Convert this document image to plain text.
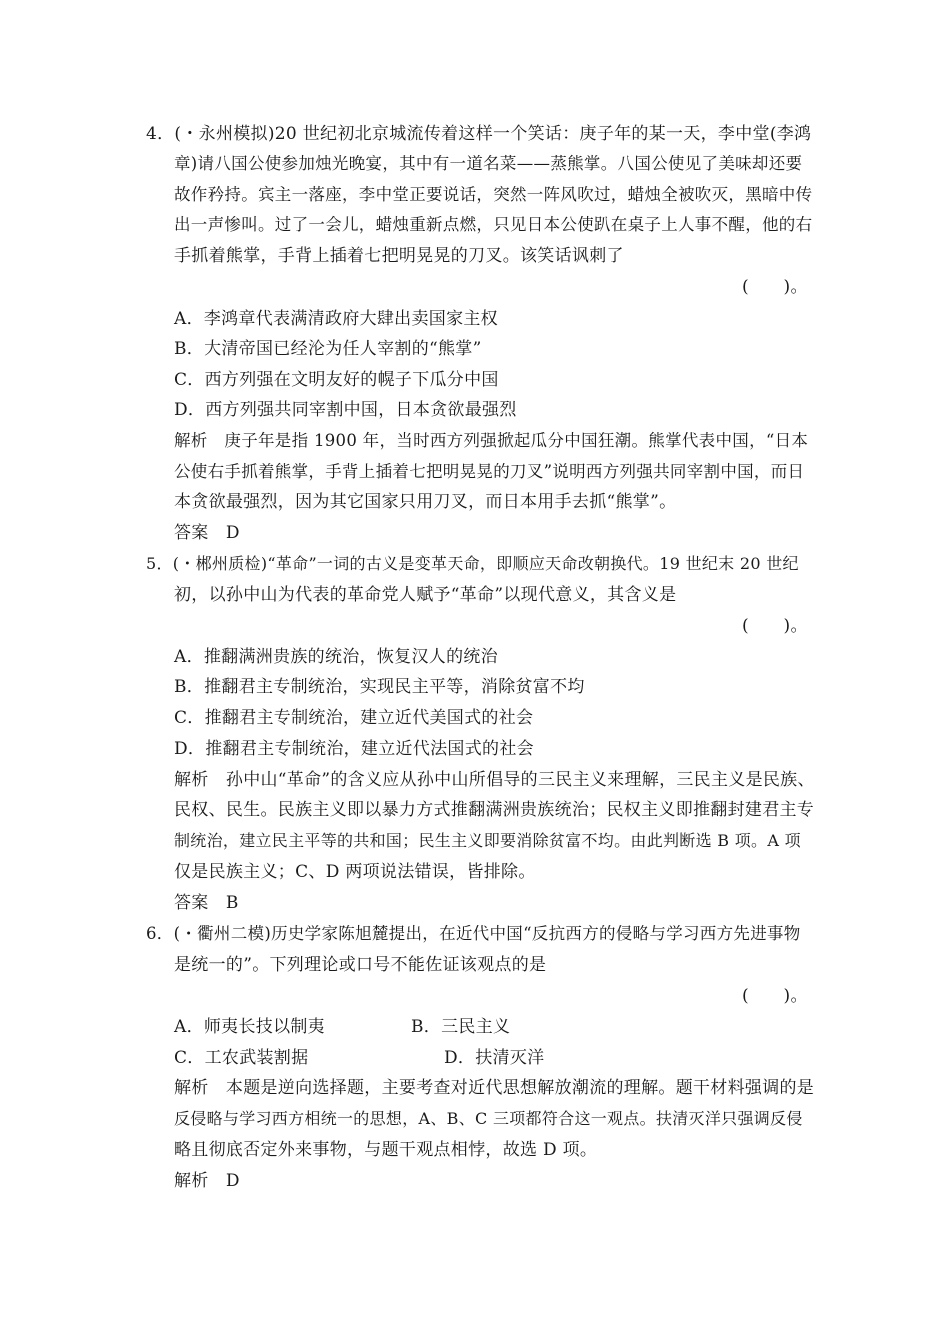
4．(・永州模拟)20 世纪初北京城流传着这样一个笑话：庚子年的某一天，李中堂(李鸿
章)请八国公使参加烛光晚宴，其中有一道名菜——蒸熊掌。八国公使见了美味却还要
故作矜持。宾主一落座，李中堂正要说话，突然一阵风吹过，蜡烛全被吹灭，黑暗中传
出一声惨叫。过了一会儿，蜡烛重新点燃，只见日本公使趴在桌子上人事不醒，他的右
手抓着熊掌，手背上插着七把明晃晃的刀叉。该笑话讽刺了
(　　)。
A．李鸿章代表满清政府大肆出卖国家主权
B．大清帝国已经沦为任人宰割的“熊掌”
C．西方列强在文明友好的幌子下瓜分中国
D．西方列强共同宰割中国，日本贪欲最强烈
解析　庚子年是指 1900 年，当时西方列强掀起瓜分中国狂潮。熊掌代表中国，“日本
公使右手抓着熊掌，手背上插着七把明晃晃的刀叉”说明西方列强共同宰割中国，而日
本贪欲最强烈，因为其它国家只用刀叉，而日本用手去抓“熊掌”。
答案　D
5．(・郴州质检)“革命”一词的古义是变革天命，即顺应天命改朝换代。19 世纪末 20 世纪
初，以孙中山为代表的革命党人赋予“革命”以现代意义，其含义是
(　　)。
A．推翻满洲贵族的统治，恢复汉人的统治
B．推翻君主专制统治，实现民主平等，消除贫富不均
C．推翻君主专制统治，建立近代美国式的社会
D．推翻君主专制统治，建立近代法国式的社会
解析　孙中山“革命”的含义应从孙中山所倡导的三民主义来理解，三民主义是民族、
民权、民生。民族主义即以暴力方式推翻满洲贵族统治；民权主义即推翻封建君主专
制统治，建立民主平等的共和国；民生主义即要消除贫富不均。由此判断选 B 项。A 项
仅是民族主义；C、D 两项说法错误，皆排除。
答案　B
6．(・衢州二模)历史学家陈旭麓提出，在近代中国“反抗西方的侵略与学习西方先进事物
是统一的”。下列理论或口号不能佐证该观点的是
(　　)。
A．师夷长技以制夷	B．三民主义
C．工农武装割据	D．扶清灭洋
解析　本题是逆向选择题，主要考查对近代思想解放潮流的理解。题干材料强调的是
反侵略与学习西方相统一的思想，A、B、C 三项都符合这一观点。扶清灭洋只强调反侵
略且彻底否定外来事物，与题干观点相悖，故选 D 项。
解析　D
